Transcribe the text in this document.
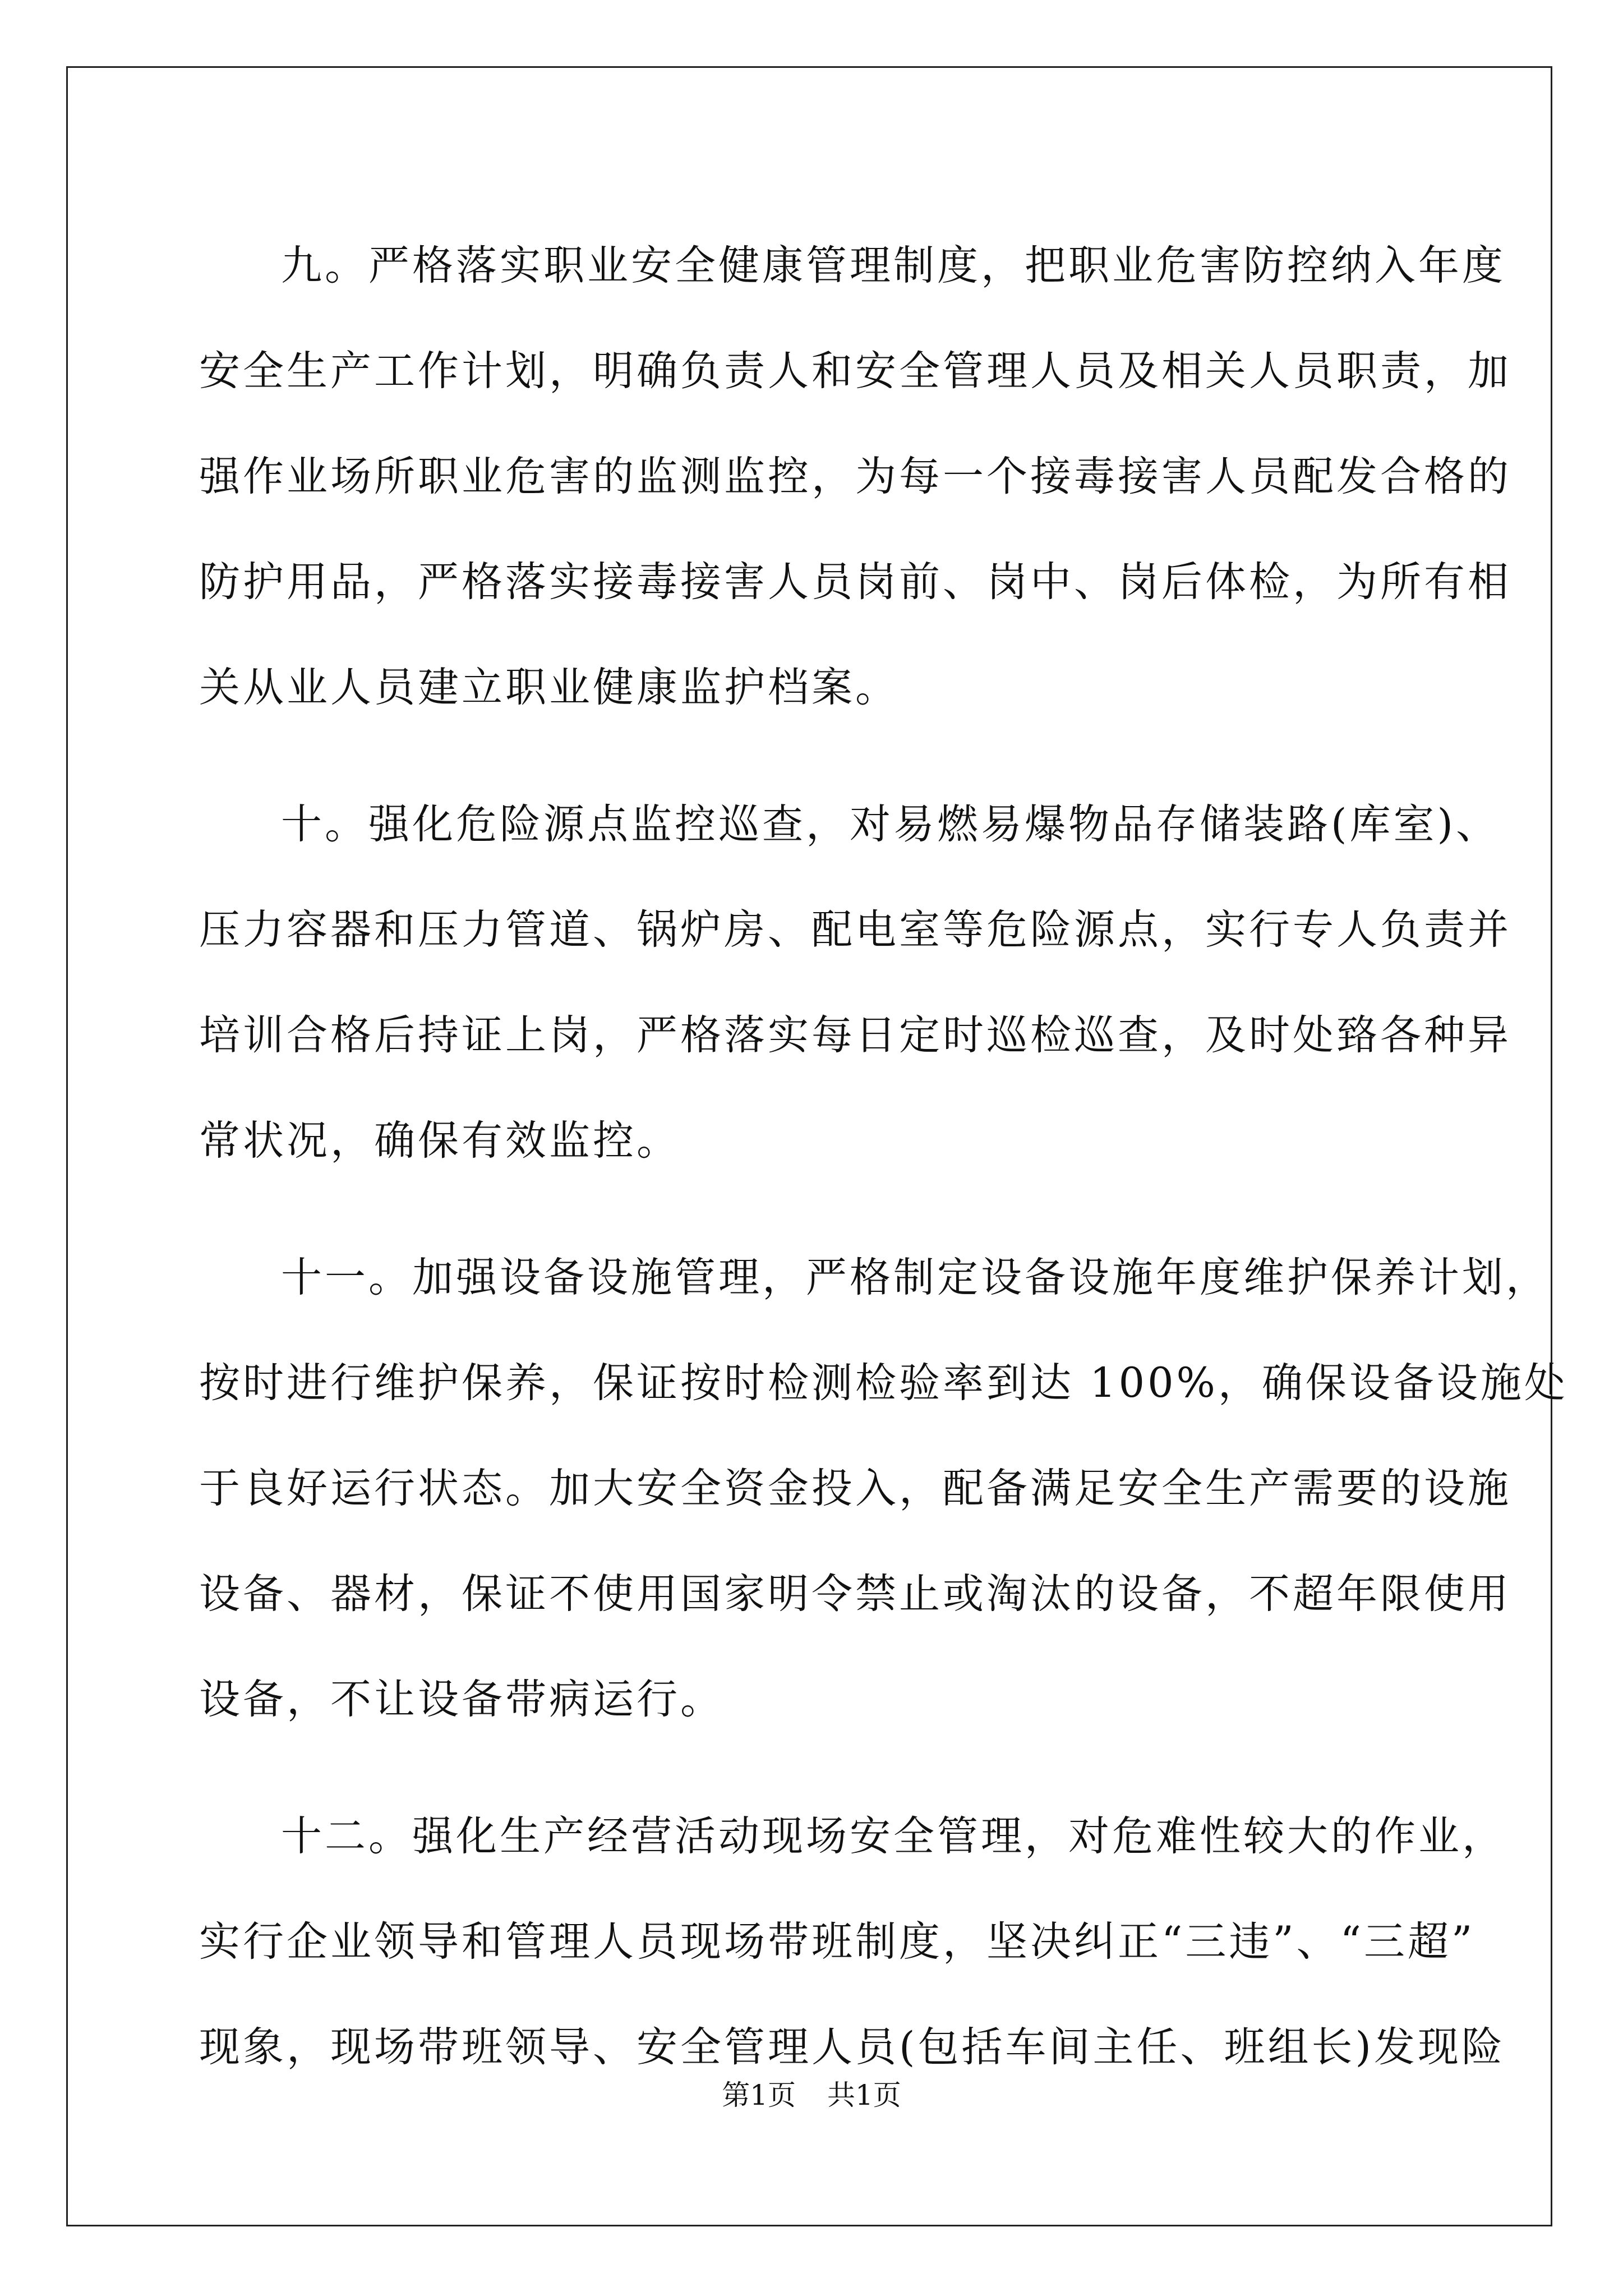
九。严格落实职业安全健康管理制度，把职业危害防控纳入年度
安全生产工作计划，明确负责人和安全管理人员及相关人员职责，加
强作业场所职业危害的监测监控，为每一个接毒接害人员配发合格的
防护用品，严格落实接毒接害人员岗前、岗中、岗后体检，为所有相
关从业人员建立职业健康监护档案。

十。强化危险源点监控巡查，对易燃易爆物品存储装路(库室)、
压力容器和压力管道、锅炉房、配电室等危险源点，实行专人负责并
培训合格后持证上岗，严格落实每日定时巡检巡查，及时处臵各种异
常状况，确保有效监控。

十一。加强设备设施管理，严格制定设备设施年度维护保养计划，
按时进行维护保养，保证按时检测检验率到达 100%，确保设备设施处
于良好运行状态。加大安全资金投入，配备满足安全生产需要的设施
设备、器材，保证不使用国家明令禁止或淘汰的设备，不超年限使用
设备，不让设备带病运行。

十二。强化生产经营活动现场安全管理，对危难性较大的作业，
实行企业领导和管理人员现场带班制度，坚决纠正“三违”、“三超”
现象，现场带班领导、安全管理人员(包括车间主任、班组长)发现险

第1页 共1页
